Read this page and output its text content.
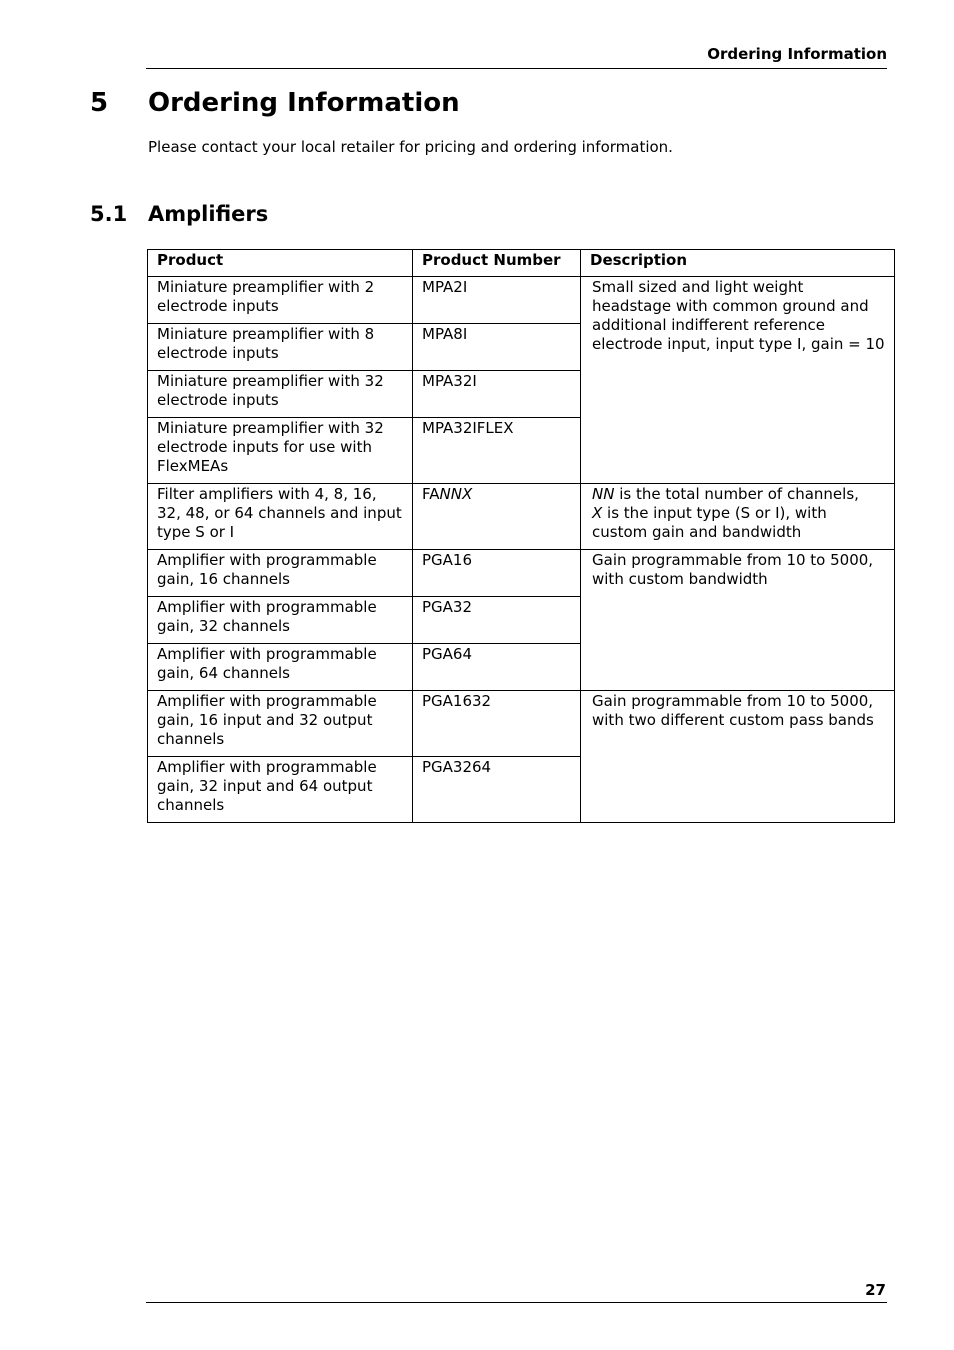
Ordering Information
5 Ordering Information
Please contact your local retailer for pricing and ordering information.
5.1 Amplifiers
Product	Product Number	Description
Miniature preamplifier with 2 electrode inputs	MPA2I	Small sized and light weight headstage with common ground and additional indifferent reference electrode input, input type I, gain = 10
Miniature preamplifier with 8 electrode inputs	MPA8I	
Miniature preamplifier with 32 electrode inputs	MPA32I	
Miniature preamplifier with 32 electrode inputs for use with FlexMEAs	MPA32IFLEX	
Filter amplifiers with 4, 8, 16, 32, 48, or 64 channels and input type S or I	FANNX	NN is the total number of channels,
X is the input type (S or I), with custom gain and bandwidth
Amplifier with programmable gain, 16 channels	PGA16	Gain programmable from 10 to 5000, with custom bandwidth
Amplifier with programmable gain, 32 channels	PGA32	
Amplifier with programmable gain, 64 channels	PGA64	
Amplifier with programmable gain, 16 input and 32 output channels	PGA1632	Gain programmable from 10 to 5000, with two different custom pass bands
Amplifier with programmable gain, 32 input and 64 output channels	PGA3264	
27
